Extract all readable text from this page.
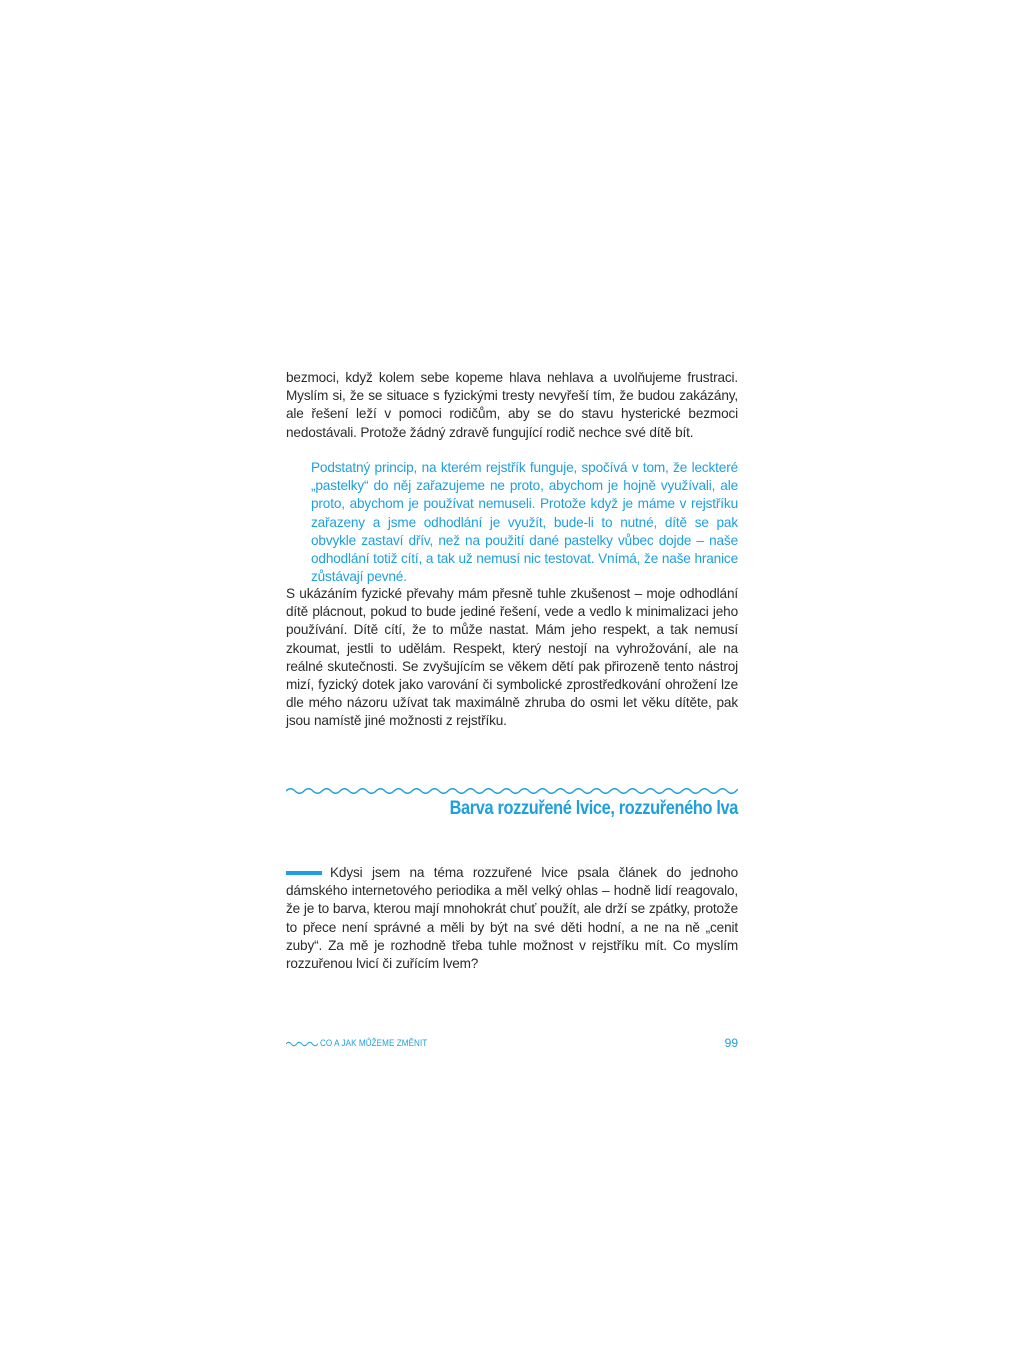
bezmoci, když kolem sebe kopeme hlava nehlava a uvolňujeme frustraci. Myslím si, že se situace s fyzickými tresty nevyřeší tím, že budou zakázány, ale řešení leží v pomoci rodičům, aby se do stavu hysterické bezmoci nedostávali. Protože žádný zdravě fungující rodič nechce své dítě bít.

Podstatný princip, na kterém rejstřík funguje, spočívá v tom, že leckteré „pastelky“ do něj zařazujeme ne proto, abychom je hojně využívali, ale proto, abychom je používat nemuseli. Protože když je máme v rejstříku zařazeny a jsme odhodlání je využít, bude-li to nutné, dítě se pak obvykle zastaví dřív, než na použití dané pastelky vůbec dojde – naše odhodlání totiž cítí, a tak už nemusí nic testovat. Vnímá, že naše hranice zůstávají pevné.

S ukázáním fyzické převahy mám přesně tuhle zkušenost – moje odhodlání dítě plácnout, pokud to bude jediné řešení, vede a vedlo k minimalizaci jeho používání. Dítě cítí, že to může nastat. Mám jeho respekt, a tak nemusí zkoumat, jestli to udělám. Respekt, který nestojí na vyhrožování, ale na reálné skutečnosti. Se zvyšujícím se věkem dětí pak přirozeně tento nástroj mizí, fyzický dotek jako varování či symbolické zprostředkování ohrožení lze dle mého názoru užívat tak maximálně zhruba do osmi let věku dítěte, pak jsou namístě jiné možnosti z rejstříku.

Barva rozzuřené lvice, rozzuřeného lva

Kdysi jsem na téma rozzuřené lvice psala článek do jednoho dámského internetového periodika a měl velký ohlas – hodně lidí reagovalo, že je to barva, kterou mají mnohokrát chuť použít, ale drží se zpátky, protože to přece není správné a měli by být na své děti hodní, a ne na ně „cenit zuby“. Za mě je rozhodně třeba tuhle možnost v rejstříku mít. Co myslím rozzuřenou lvicí či zuřícím lvem?

CO A JAK MŮŽEME ZMĚNIT	99
